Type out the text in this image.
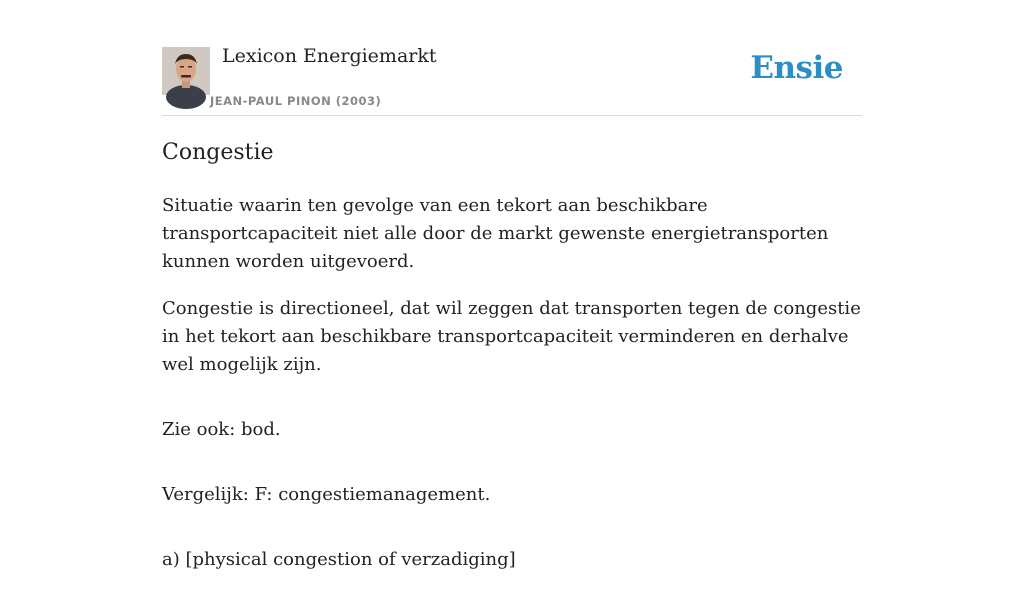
Lexicon Energiemarkt
JEAN-PAUL PINON (2003)
Ensie
Congestie

Situatie waarin ten gevolge van een tekort aan beschikbare transportcapaciteit niet alle door de markt gewenste energietransporten kunnen worden uitgevoerd.

Congestie is directioneel, dat wil zeggen dat transporten tegen de congestie in het tekort aan beschikbare transportcapaciteit verminderen en derhalve wel mogelijk zijn.

Zie ook: bod.

Vergelijk: F: congestiemanagement.

a) [physical congestion of verzadiging]
